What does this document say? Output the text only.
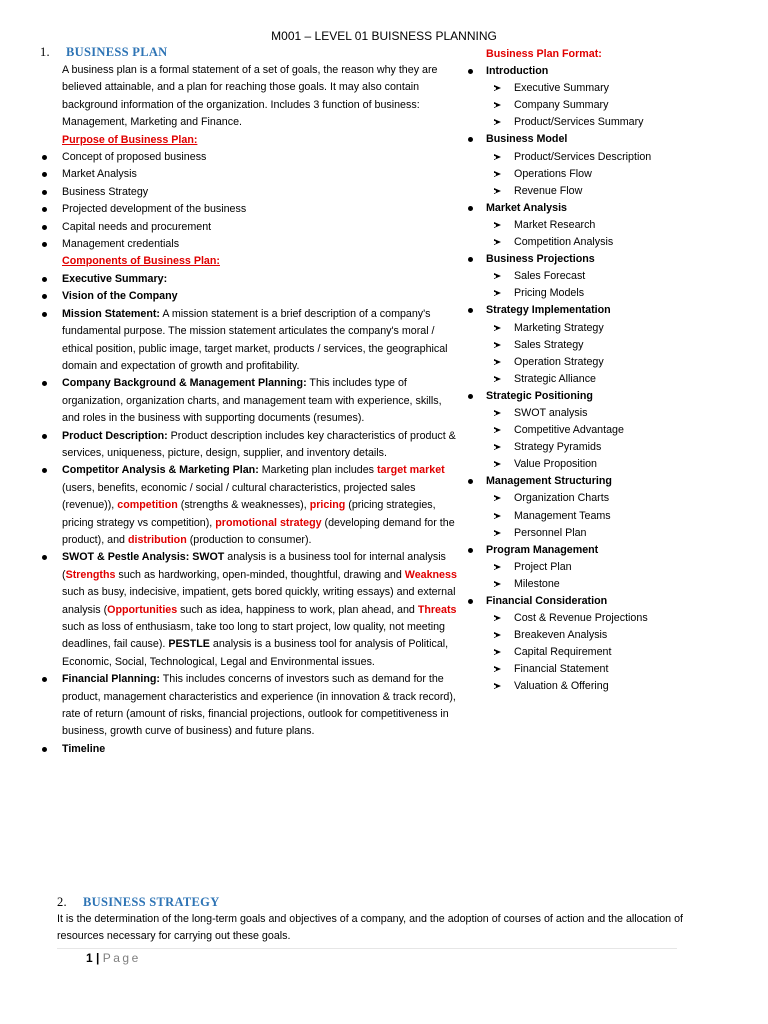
M001 – LEVEL 01 BUISNESS PLANNING
1. BUSINESS PLAN

A business plan is a formal statement of a set of goals, the reason why they are believed attainable, and a plan for reaching those goals. It may also contain background information of the organization. Includes 3 function of business: Management, Marketing and Finance.

Purpose of Business Plan:
Concept of proposed business
Market Analysis
Business Strategy
Projected development of the business
Capital needs and procurement
Management credentials
Components of Business Plan:
Executive Summary:
Vision of the Company
Mission Statement: A mission statement is a brief description of a company's fundamental purpose. The mission statement articulates the company's moral / ethical position, public image, target market, products / services, the geographical domain and expectation of growth and profitability.
Company Background & Management Planning: This includes type of organization, organization charts, and management team with experience, skills, and roles in the business with supporting documents (resumes).
Product Description: Product description includes key characteristics of product & services, uniqueness, picture, design, supplier, and inventory details.
Competitor Analysis & Marketing Plan: Marketing plan includes target market (users, benefits, economic / social / cultural characteristics, projected sales (revenue)), competition (strengths & weaknesses), pricing (pricing strategies, pricing strategy vs competition), promotional strategy (developing demand for the product), and distribution (production to consumer).
SWOT & Pestle Analysis: SWOT analysis is a business tool for internal analysis (Strengths such as hardworking, open-minded, thoughtful, drawing and Weakness such as busy, indecisive, impatient, gets bored quickly, writing essays) and external analysis (Opportunities such as idea, happiness to work, plan ahead, and Threats such as loss of enthusiasm, take too long to start project, low quality, not meeting deadlines, fail cause). PESTLE analysis is a business tool for analysis of Political, Economic, Social, Technological, Legal and Environmental issues.
Financial Planning: This includes concerns of investors such as demand for the product, management characteristics and experience (in innovation & track record), rate of return (amount of risks, financial projections, outlook for competitiveness in business, growth curve of business) and future plans.
Timeline
Business Plan Format:
Introduction
Executive Summary
Company Summary
Product/Services Summary
Business Model
Product/Services Description
Operations Flow
Revenue Flow
Market Analysis
Market Research
Competition Analysis
Business Projections
Sales Forecast
Pricing Models
Strategy Implementation
Marketing Strategy
Sales Strategy
Operation Strategy
Strategic Alliance
Strategic Positioning
SWOT analysis
Competitive Advantage
Strategy Pyramids
Value Proposition
Management Structuring
Organization Charts
Management Teams
Personnel Plan
Program Management
Project Plan
Milestone
Financial Consideration
Cost & Revenue Projections
Breakeven Analysis
Capital Requirement
Financial Statement
Valuation & Offering
2. BUSINESS STRATEGY
It is the determination of the long-term goals and objectives of a company, and the adoption of courses of action and the allocation of resources necessary for carrying out these goals.
1 | Page
